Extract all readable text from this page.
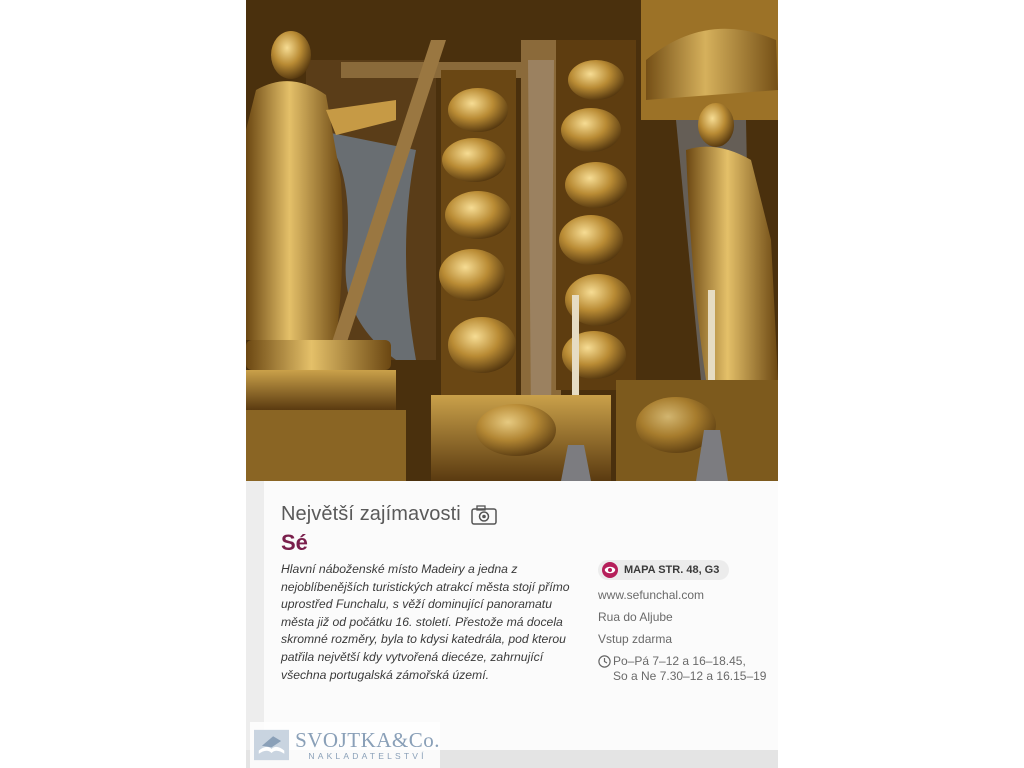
Největší zajímavosti
Sé
Hlavní náboženské místo Madeiry a jedna z nejoblíbenějších turistických atrakcí města stojí přímo uprostřed Funchalu, s věží dominující panoramatu města již od počátku 16. století. Přestože má docela skromné rozměry, byla to kdysi katedrála, pod kterou patřila největší kdy vytvořená diecéze, zahrnující všechna portugalská zámořská území.
MAPA STR. 48, G3
www.sefunchal.com
Rua do Aljube
Vstup zdarma
Po–Pá 7–12 a 16–18.45,
So a Ne 7.30–12 a 16.15–19
SVOJTKA&Co.
NAKLADATELSTVÍ
